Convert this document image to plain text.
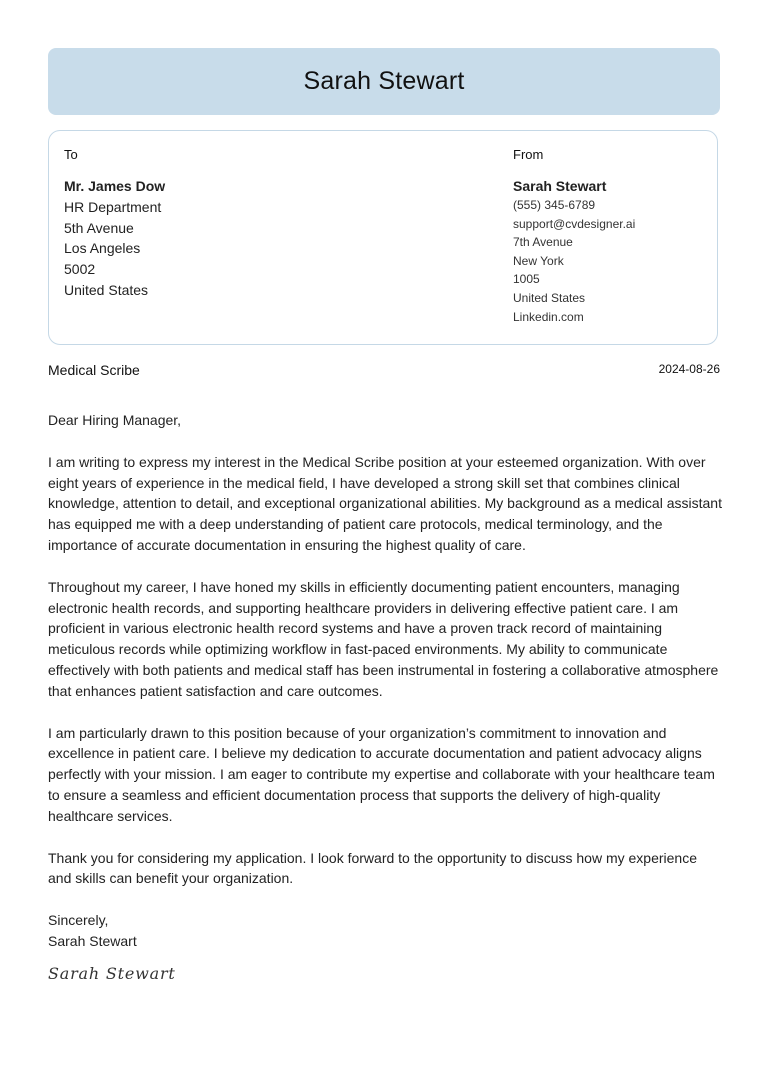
Sarah Stewart
To
Mr. James Dow
HR Department
5th Avenue
Los Angeles
5002
United States
From
Sarah Stewart
(555) 345-6789
support@cvdesigner.ai
7th Avenue
New York
1005
United States
Linkedin.com
Medical Scribe	2024-08-26

Dear Hiring Manager,

I am writing to express my interest in the Medical Scribe position at your esteemed organization. With over eight years of experience in the medical field, I have developed a strong skill set that combines clinical knowledge, attention to detail, and exceptional organizational abilities. My background as a medical assistant has equipped me with a deep understanding of patient care protocols, medical terminology, and the importance of accurate documentation in ensuring the highest quality of care.

Throughout my career, I have honed my skills in efficiently documenting patient encounters, managing electronic health records, and supporting healthcare providers in delivering effective patient care. I am proficient in various electronic health record systems and have a proven track record of maintaining meticulous records while optimizing workflow in fast-paced environments. My ability to communicate effectively with both patients and medical staff has been instrumental in fostering a collaborative atmosphere that enhances patient satisfaction and care outcomes.

I am particularly drawn to this position because of your organization’s commitment to innovation and excellence in patient care. I believe my dedication to accurate documentation and patient advocacy aligns perfectly with your mission. I am eager to contribute my expertise and collaborate with your healthcare team to ensure a seamless and efficient documentation process that supports the delivery of high-quality healthcare services.

Thank you for considering my application. I look forward to the opportunity to discuss how my experience and skills can benefit your organization.

Sincerely,
Sarah Stewart
Sarah Stewart
